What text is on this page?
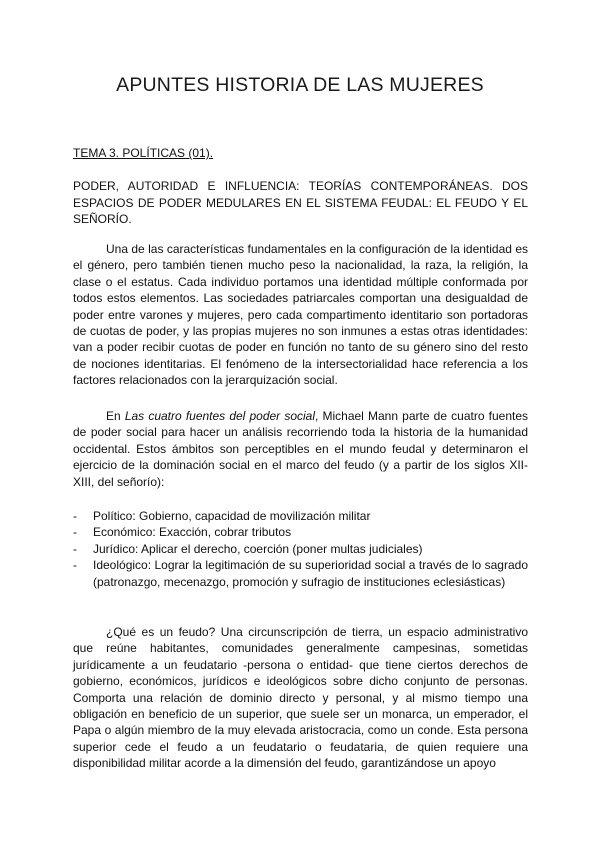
APUNTES HISTORIA DE LAS MUJERES
TEMA 3. POLÍTICAS (01).
PODER, AUTORIDAD E INFLUENCIA: TEORÍAS CONTEMPORÁNEAS. DOS ESPACIOS DE PODER MEDULARES EN EL SISTEMA FEUDAL: EL FEUDO Y EL SEÑORÍO.

Una de las características fundamentales en la configuración de la identidad es el género, pero también tienen mucho peso la nacionalidad, la raza, la religión, la clase o el estatus. Cada individuo portamos una identidad múltiple conformada por todos estos elementos. Las sociedades patriarcales comportan una desigualdad de poder entre varones y mujeres, pero cada compartimento identitario son portadoras de cuotas de poder, y las propias mujeres no son inmunes a estas otras identidades: van a poder recibir cuotas de poder en función no tanto de su género sino del resto de nociones identitarias. El fenómeno de la intersectorialidad hace referencia a los factores relacionados con la jerarquización social.

En Las cuatro fuentes del poder social, Michael Mann parte de cuatro fuentes de poder social para hacer un análisis recorriendo toda la historia de la humanidad occidental. Estos ámbitos son perceptibles en el mundo feudal y determinaron el ejercicio de la dominación social en el marco del feudo (y a partir de los siglos XII-XIII, del señorío):

- Político: Gobierno, capacidad de movilización militar
- Económico: Exacción, cobrar tributos
- Jurídico: Aplicar el derecho, coerción (poner multas judiciales)
- Ideológico: Lograr la legitimación de su superioridad social a través de lo sagrado (patronazgo, mecenazgo, promoción y sufragio de instituciones eclesiásticas)

¿Qué es un feudo? Una circunscripción de tierra, un espacio administrativo que reúne habitantes, comunidades generalmente campesinas, sometidas jurídicamente a un feudatario -persona o entidad- que tiene ciertos derechos de gobierno, económicos, jurídicos e ideológicos sobre dicho conjunto de personas. Comporta una relación de dominio directo y personal, y al mismo tiempo una obligación en beneficio de un superior, que suele ser un monarca, un emperador, el Papa o algún miembro de la muy elevada aristocracia, como un conde. Esta persona superior cede el feudo a un feudatario o feudataria, de quien requiere una disponibilidad militar acorde a la dimensión del feudo, garantizándose un apoyo
